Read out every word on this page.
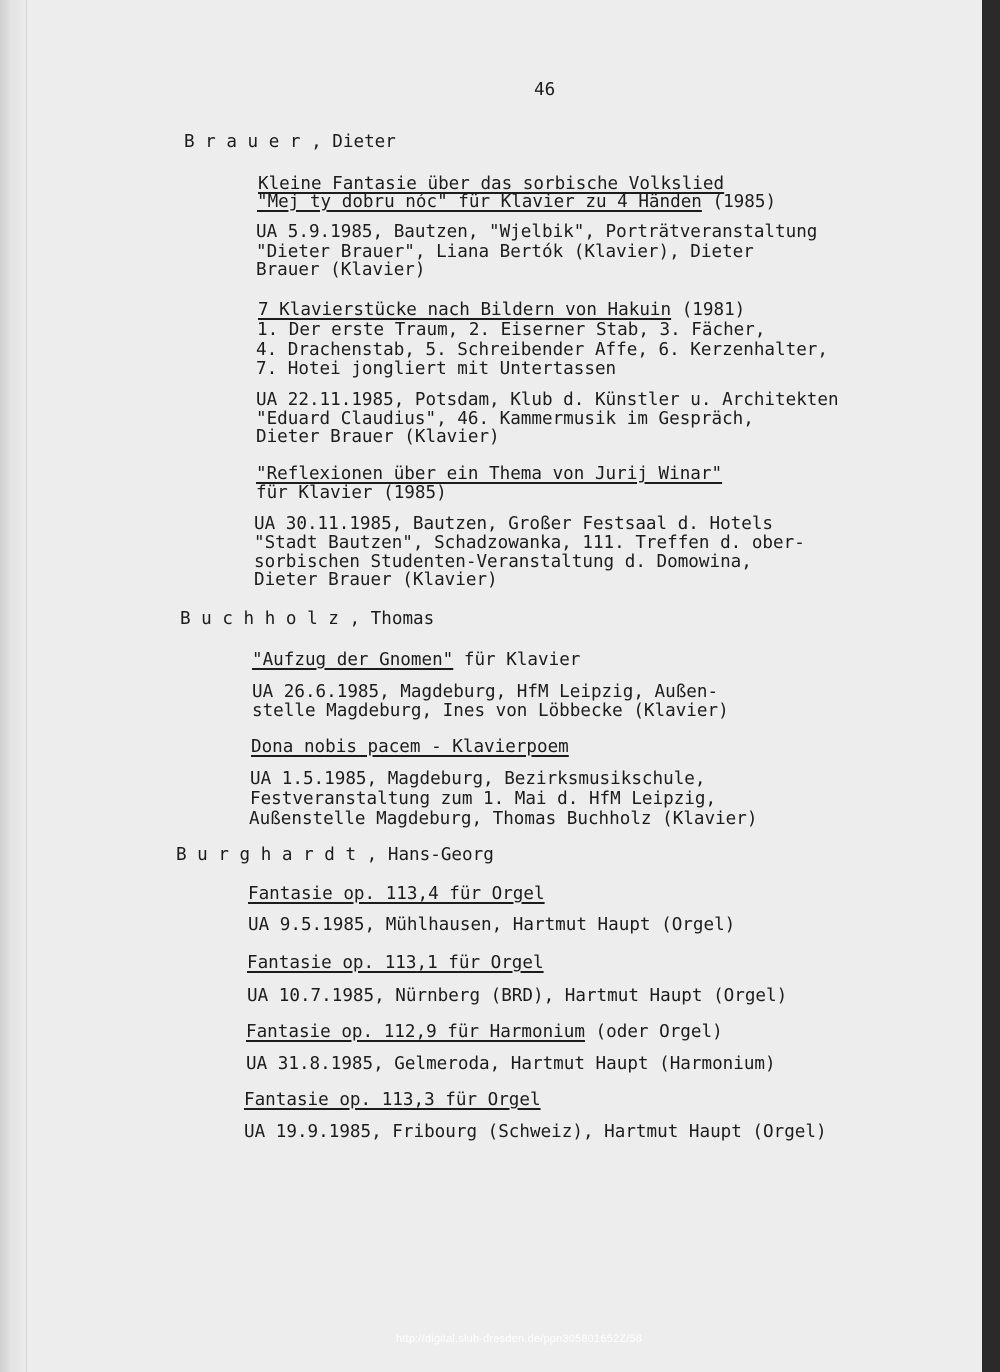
46
B r a u e r , Dieter
Kleine Fantasie über das sorbische Volkslied
"Mej ty dobru nóc" für Klavier zu 4 Händen (1985)
UA 5.9.1985, Bautzen, "Wjelbik", Porträtveranstaltung
"Dieter Brauer", Liana Bertók (Klavier), Dieter
Brauer (Klavier)
7 Klavierstücke nach Bildern von Hakuin (1981)
1. Der erste Traum, 2. Eiserner Stab, 3. Fächer,
4. Drachenstab, 5. Schreibender Affe, 6. Kerzenhalter,
7. Hotei jongliert mit Untertassen
UA 22.11.1985, Potsdam, Klub d. Künstler u. Architekten
"Eduard Claudius", 46. Kammermusik im Gespräch,
Dieter Brauer (Klavier)
"Reflexionen über ein Thema von Jurij Winar"
für Klavier (1985)
UA 30.11.1985, Bautzen, Großer Festsaal d. Hotels
"Stadt Bautzen", Schadzowanka, 111. Treffen d. ober-
sorbischen Studenten-Veranstaltung d. Domowina,
Dieter Brauer (Klavier)
B u c h h o l z , Thomas
"Aufzug der Gnomen" für Klavier
UA 26.6.1985, Magdeburg, HfM Leipzig, Außen-
stelle Magdeburg, Ines von Löbbecke (Klavier)
Dona nobis pacem - Klavierpoem
UA 1.5.1985, Magdeburg, Bezirksmusikschule,
Festveranstaltung zum 1. Mai d. HfM Leipzig,
Außenstelle Magdeburg, Thomas Buchholz (Klavier)
B u r g h a r d t , Hans-Georg
Fantasie op. 113,4 für Orgel
UA 9.5.1985, Mühlhausen, Hartmut Haupt (Orgel)
Fantasie op. 113,1 für Orgel
UA 10.7.1985, Nürnberg (BRD), Hartmut Haupt (Orgel)
Fantasie op. 112,9 für Harmonium (oder Orgel)
UA 31.8.1985, Gelmeroda, Hartmut Haupt (Harmonium)
Fantasie op. 113,3 für Orgel
UA 19.9.1985, Fribourg (Schweiz), Hartmut Haupt (Orgel)
http://digital.slub-dresden.de/ppn305801652Z/58
